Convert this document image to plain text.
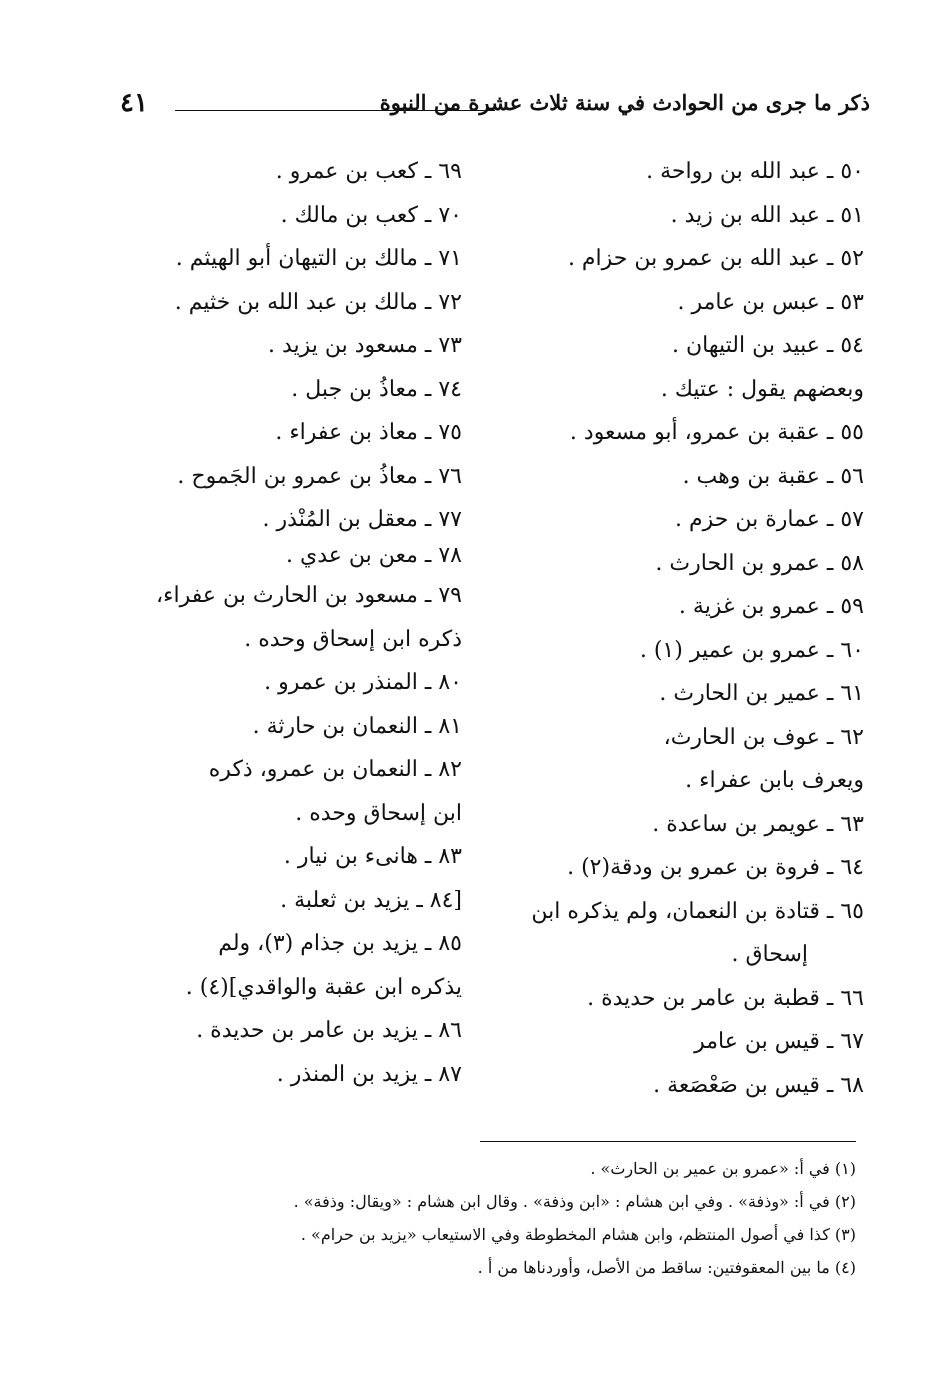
٤١	ذكر ما جرى من الحوادث في سنة ثلاث عشرة من النبوة
٥٠ ـ عبد الله بن رواحة .
٥١ ـ عبد الله بن زيد .
٥٢ ـ عبد الله بن عمرو بن حزام .
٥٣ ـ عبس بن عامر .
٥٤ ـ عبيد بن التيهان .
وبعضهم يقول : عتيك .
٥٥ ـ عقبة بن عمرو، أبو مسعود .
٥٦ ـ عقبة بن وهب .
٥٧ ـ عمارة بن حزم .
٥٨ ـ عمرو بن الحارث .
٥٩ ـ عمرو بن غزية .
٦٠ ـ عمرو بن عمير (١) .
٦١ ـ عمير بن الحارث .
٦٢ ـ عوف بن الحارث،
ويعرف بابن عفراء .
٦٣ ـ عويمر بن ساعدة .
٦٤ ـ فروة بن عمرو بن ودقة(٢) .
٦٥ ـ قتادة بن النعمان، ولم يذكره ابن
إسحاق .
٦٦ ـ قطبة بن عامر بن حديدة .
٦٧ ـ قيس بن عامر
٦٨ ـ قيس بن صَعْصَعة .
٦٩ ـ كعب بن عمرو .
٧٠ ـ كعب بن مالك .
٧١ ـ مالك بن التيهان أبو الهيثم .
٧٢ ـ مالك بن عبد الله بن خثيم .
٧٣ ـ مسعود بن يزيد .
٧٤ ـ معاذُ بن جبل .
٧٥ ـ معاذ بن عفراء .
٧٦ ـ معاذُ بن عمرو بن الجَموح .
٧٧ ـ معقل بن المُنْذر .
٧٨ ـ معن بن عدي .
٧٩ ـ مسعود بن الحارث بن عفراء،
ذكره ابن إسحاق وحده .
٨٠ ـ المنذر بن عمرو .
٨١ ـ النعمان بن حارثة .
٨٢ ـ النعمان بن عمرو، ذكره
ابن إسحاق وحده .
٨٣ ـ هانىء بن نيار .
[٨٤ ـ يزيد بن ثعلبة .
٨٥ ـ يزيد بن جذام (٣)، ولم
يذكره ابن عقبة والواقدي](٤) .
٨٦ ـ يزيد بن عامر بن حديدة .
٨٧ ـ يزيد بن المنذر .
(١) في أ: «عمرو بن عمير بن الحارث» .
(٢) في أ: «وذفة» . وفي ابن هشام : «ابن وذفة» . وقال ابن هشام : «ويقال: وذفة» .
(٣) كذا في أصول المنتظم، وابن هشام المخطوطة وفي الاستيعاب «يزيد بن حرام» .
(٤) ما بين المعقوفتين: ساقط من الأصل، وأوردناها من أ .
